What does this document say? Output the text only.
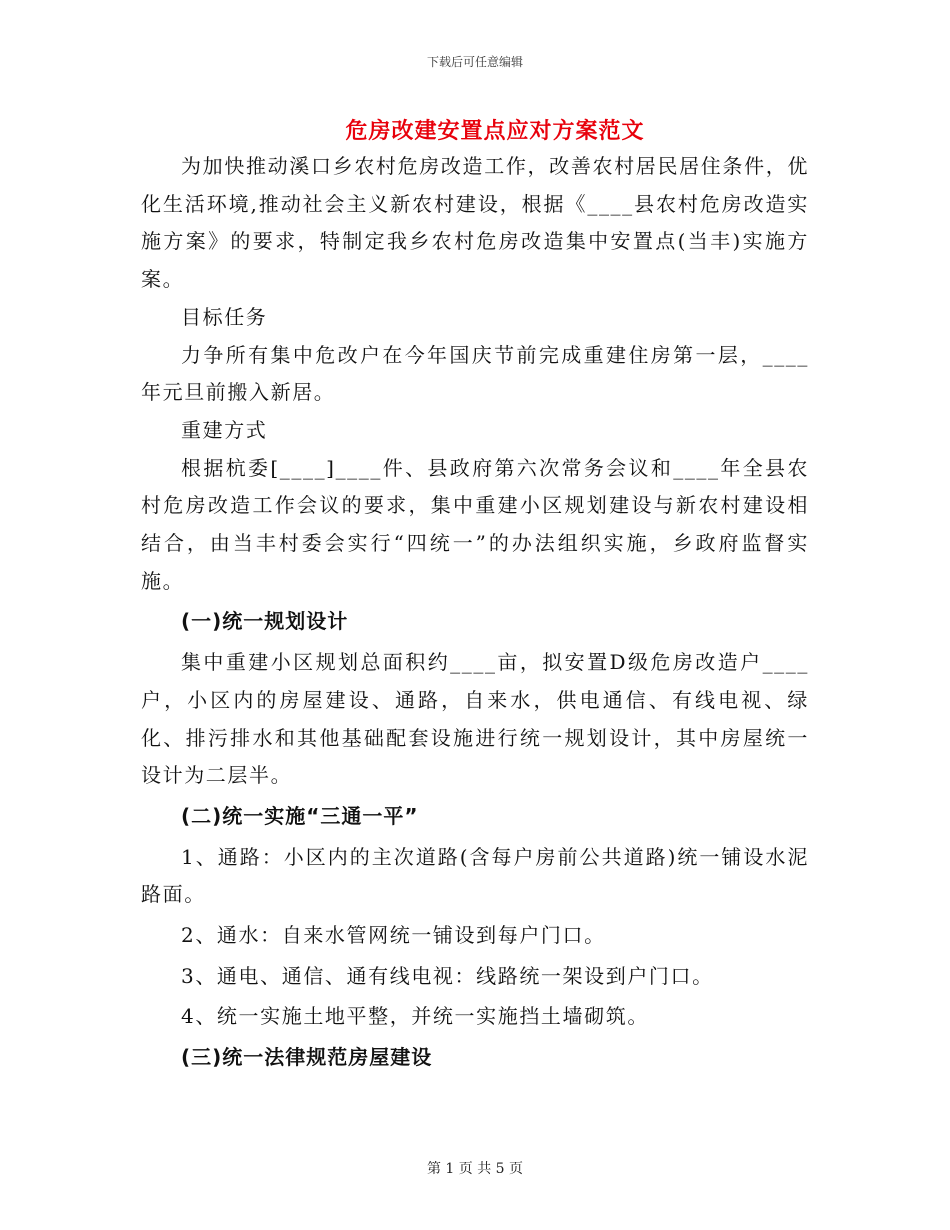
下载后可任意编辑
危房改建安置点应对方案范文

为加快推动溪口乡农村危房改造工作，改善农村居民居住条件，优化生活环境,推动社会主义新农村建设，根据《____县农村危房改造实施方案》的要求，特制定我乡农村危房改造集中安置点(当丰)实施方案。

目标任务

力争所有集中危改户在今年国庆节前完成重建住房第一层，____年元旦前搬入新居。

重建方式

根据杭委[____]____件、县政府第六次常务会议和____年全县农村危房改造工作会议的要求，集中重建小区规划建设与新农村建设相结合，由当丰村委会实行“四统一”的办法组织实施，乡政府监督实施。

(一)统一规划设计

集中重建小区规划总面积约____亩，拟安置D级危房改造户____户，小区内的房屋建设、通路，自来水，供电通信、有线电视、绿化、排污排水和其他基础配套设施进行统一规划设计，其中房屋统一设计为二层半。

(二)统一实施“三通一平”

1、通路：小区内的主次道路(含每户房前公共道路)统一铺设水泥路面。

2、通水：自来水管网统一铺设到每户门口。

3、通电、通信、通有线电视：线路统一架设到户门口。

4、统一实施土地平整，并统一实施挡土墙砌筑。

(三)统一法律规范房屋建设

第 1 页 共 5 页
